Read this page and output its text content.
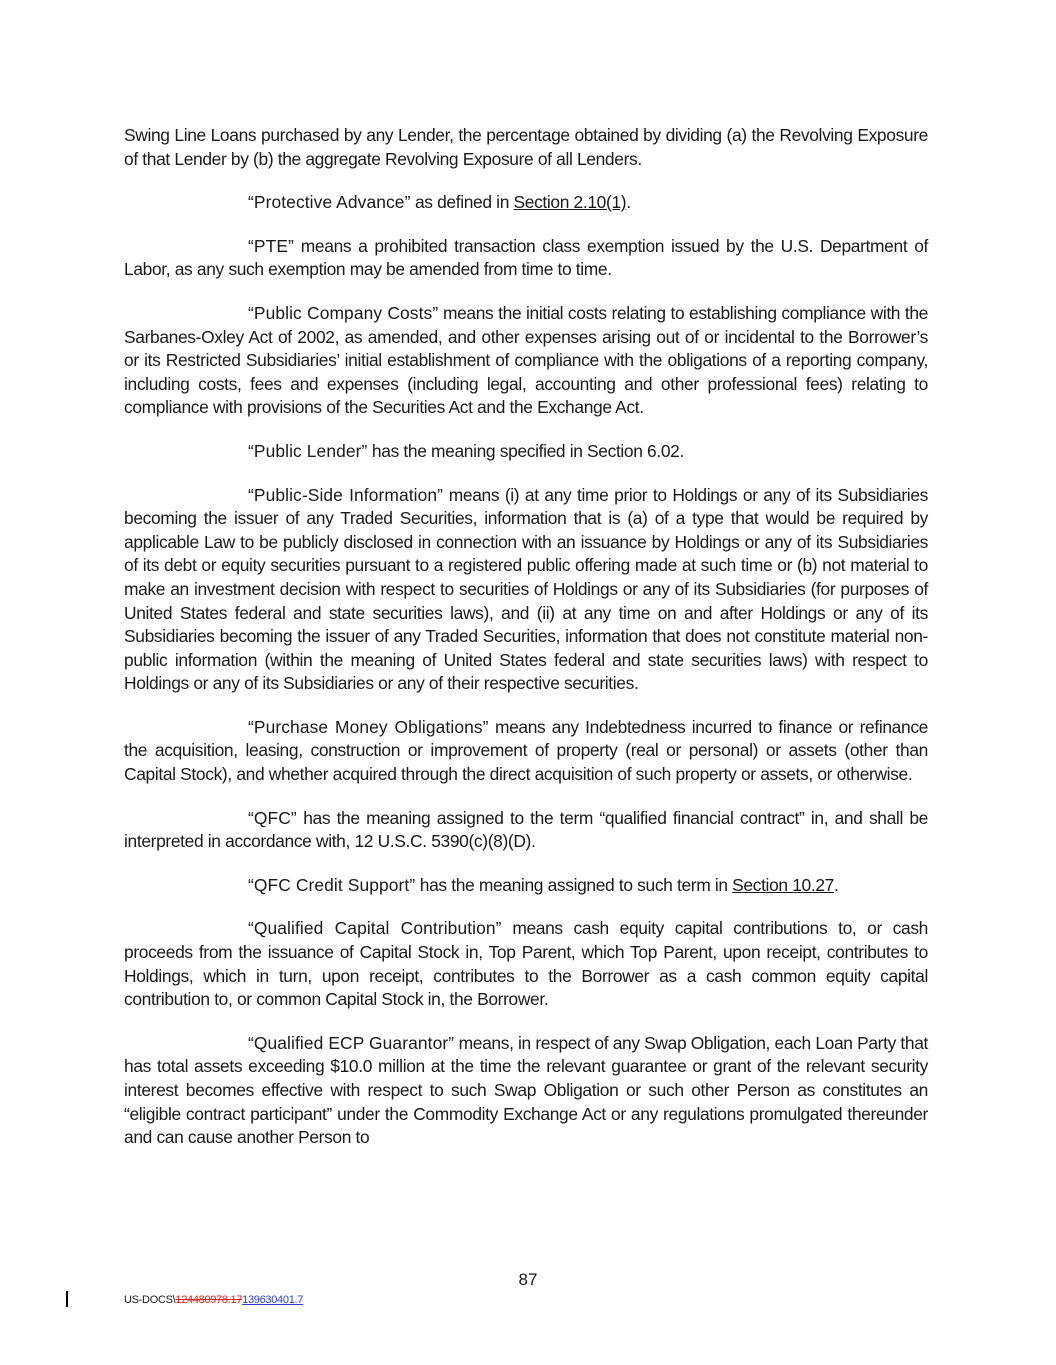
Swing Line Loans purchased by any Lender, the percentage obtained by dividing (a) the Revolving Exposure of that Lender by (b) the aggregate Revolving Exposure of all Lenders.

“Protective Advance” as defined in Section 2.10(1).

“PTE” means a prohibited transaction class exemption issued by the U.S. Department of Labor, as any such exemption may be amended from time to time.

“Public Company Costs” means the initial costs relating to establishing compliance with the Sarbanes-Oxley Act of 2002, as amended, and other expenses arising out of or incidental to the Borrower’s or its Restricted Subsidiaries’ initial establishment of compliance with the obligations of a reporting company, including costs, fees and expenses (including legal, accounting and other professional fees) relating to compliance with provisions of the Securities Act and the Exchange Act.

“Public Lender” has the meaning specified in Section 6.02.

“Public-Side Information” means (i) at any time prior to Holdings or any of its Subsidiaries becoming the issuer of any Traded Securities, information that is (a) of a type that would be required by applicable Law to be publicly disclosed in connection with an issuance by Holdings or any of its Subsidiaries of its debt or equity securities pursuant to a registered public offering made at such time or (b) not material to make an investment decision with respect to securities of Holdings or any of its Subsidiaries (for purposes of United States federal and state securities laws), and (ii) at any time on and after Holdings or any of its Subsidiaries becoming the issuer of any Traded Securities, information that does not constitute material non-public information (within the meaning of United States federal and state securities laws) with respect to Holdings or any of its Subsidiaries or any of their respective securities.

“Purchase Money Obligations” means any Indebtedness incurred to finance or refinance the acquisition, leasing, construction or improvement of property (real or personal) or assets (other than Capital Stock), and whether acquired through the direct acquisition of such property or assets, or otherwise.

“QFC” has the meaning assigned to the term “qualified financial contract” in, and shall be interpreted in accordance with, 12 U.S.C. 5390(c)(8)(D).

“QFC Credit Support” has the meaning assigned to such term in Section 10.27.

“Qualified Capital Contribution” means cash equity capital contributions to, or cash proceeds from the issuance of Capital Stock in, Top Parent, which Top Parent, upon receipt, contributes to Holdings, which in turn, upon receipt, contributes to the Borrower as a cash common equity capital contribution to, or common Capital Stock in, the Borrower.

“Qualified ECP Guarantor” means, in respect of any Swap Obligation, each Loan Party that has total assets exceeding $10.0 million at the time the relevant guarantee or grant of the relevant security interest becomes effective with respect to such Swap Obligation or such other Person as constitutes an “eligible contract participant” under the Commodity Exchange Act or any regulations promulgated thereunder and can cause another Person to

87
US-DOCS\124480978.17139630401.7
